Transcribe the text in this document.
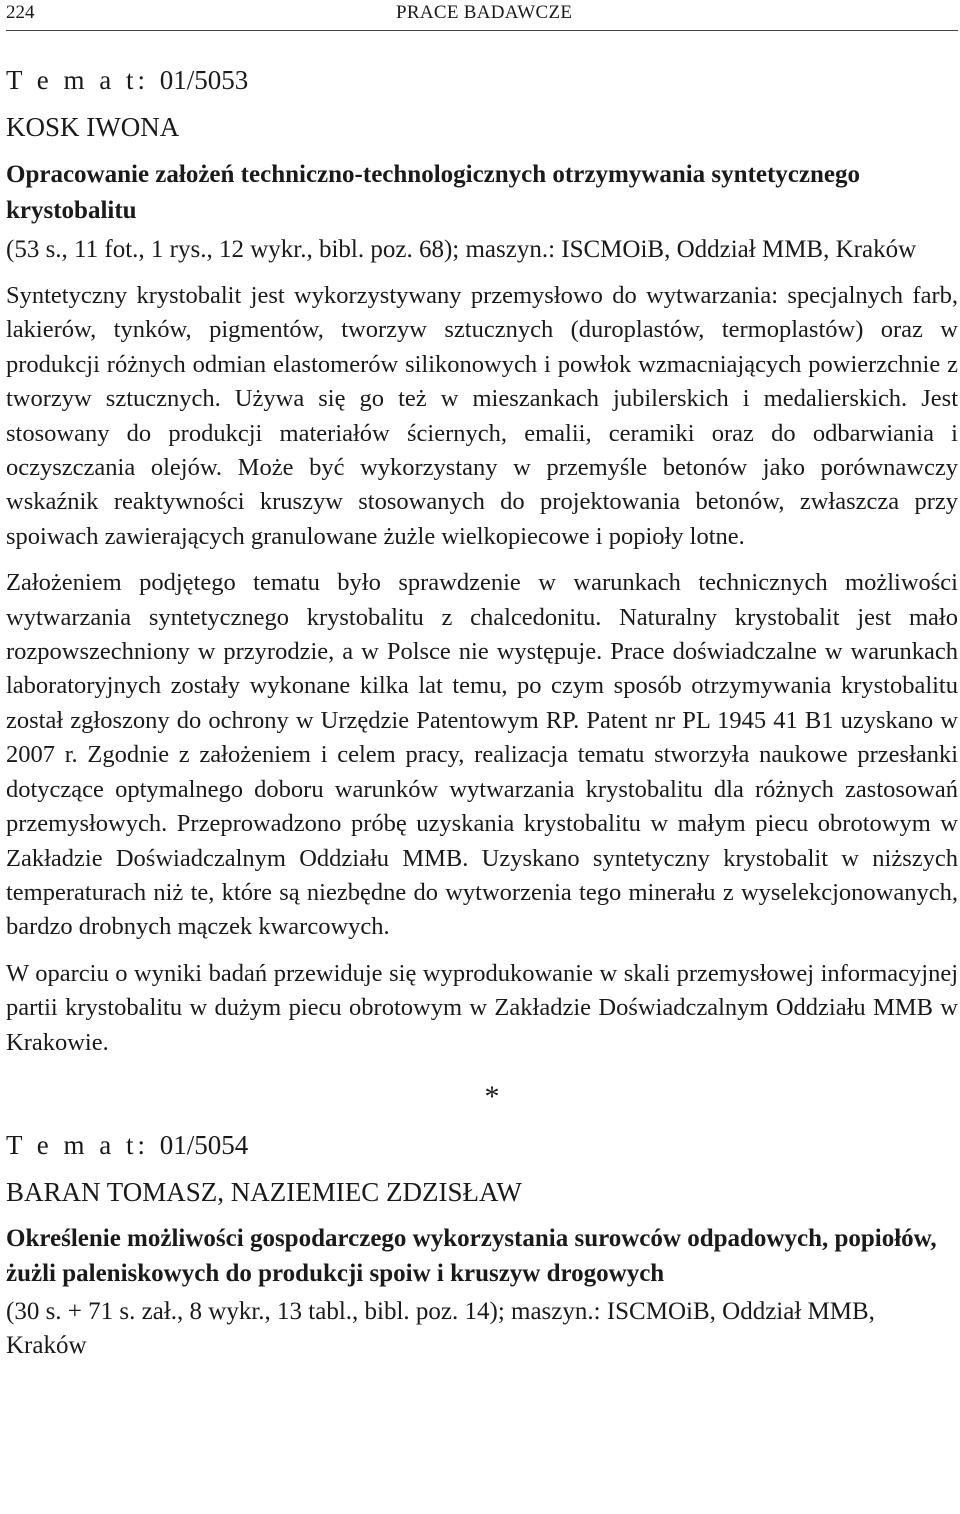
224	PRACE BADAWCZE
T e m a t: 01/5053
KOSK IWONA
Opracowanie założeń techniczno-technologicznych otrzymywania syntetycznego krystobalitu
(53 s., 11 fot., 1 rys., 12 wykr., bibl. poz. 68); maszyn.: ISCMOiB, Oddział MMB, Kraków

Syntetyczny krystobalit jest wykorzystywany przemysłowo do wytwarzania: specjalnych farb, lakierów, tynków, pigmentów, tworzyw sztucznych (duroplastów, termoplastów) oraz w produkcji różnych odmian elastomerów silikonowych i powłok wzmacniających powierzchnie z tworzyw sztucznych. Używa się go też w mieszankach jubilerskich i medalierskich. Jest stosowany do produkcji materiałów ściernych, emalii, ceramiki oraz do odbarwiania i oczyszczania olejów. Może być wykorzystany w przemyśle betonów jako porównawczy wskaźnik reaktywności kruszyw stosowanych do projektowania betonów, zwłaszcza przy spoiwach zawierających granulowane żużle wielkopiecowe i popioły lotne.

Założeniem podjętego tematu było sprawdzenie w warunkach technicznych możliwości wytwarzania syntetycznego krystobalitu z chalcedonitu. Naturalny krystobalit jest mało rozpowszechniony w przyrodzie, a w Polsce nie występuje. Prace doświadczalne w warunkach laboratoryjnych zostały wykonane kilka lat temu, po czym sposób otrzymywania krystobalitu został zgłoszony do ochrony w Urzędzie Patentowym RP. Patent nr PL 1945 41 B1 uzyskano w 2007 r. Zgodnie z założeniem i celem pracy, realizacja tematu stworzyła naukowe przesłanki dotyczące optymalnego doboru warunków wytwarzania krystobalitu dla różnych zastosowań przemysłowych. Przeprowadzono próbę uzyskania krystobalitu w małym piecu obrotowym w Zakładzie Doświadczalnym Oddziału MMB. Uzyskano syntetyczny krystobalit w niższych temperaturach niż te, które są niezbędne do wytworzenia tego minerału z wyselekcjonowanych, bardzo drobnych mączek kwarcowych.

W oparciu o wyniki badań przewiduje się wyprodukowanie w skali przemysłowej informacyjnej partii krystobalitu w dużym piecu obrotowym w Zakładzie Doświadczalnym Oddziału MMB w Krakowie.

*
T e m a t: 01/5054
BARAN TOMASZ, NAZIEMIEC ZDZISŁAW
Określenie możliwości gospodarczego wykorzystania surowców odpadowych, popiołów, żużli paleniskowych do produkcji spoiw i kruszyw drogowych
(30 s. + 71 s. zał., 8 wykr., 13 tabl., bibl. poz. 14); maszyn.: ISCMOiB, Oddział MMB, Kraków
